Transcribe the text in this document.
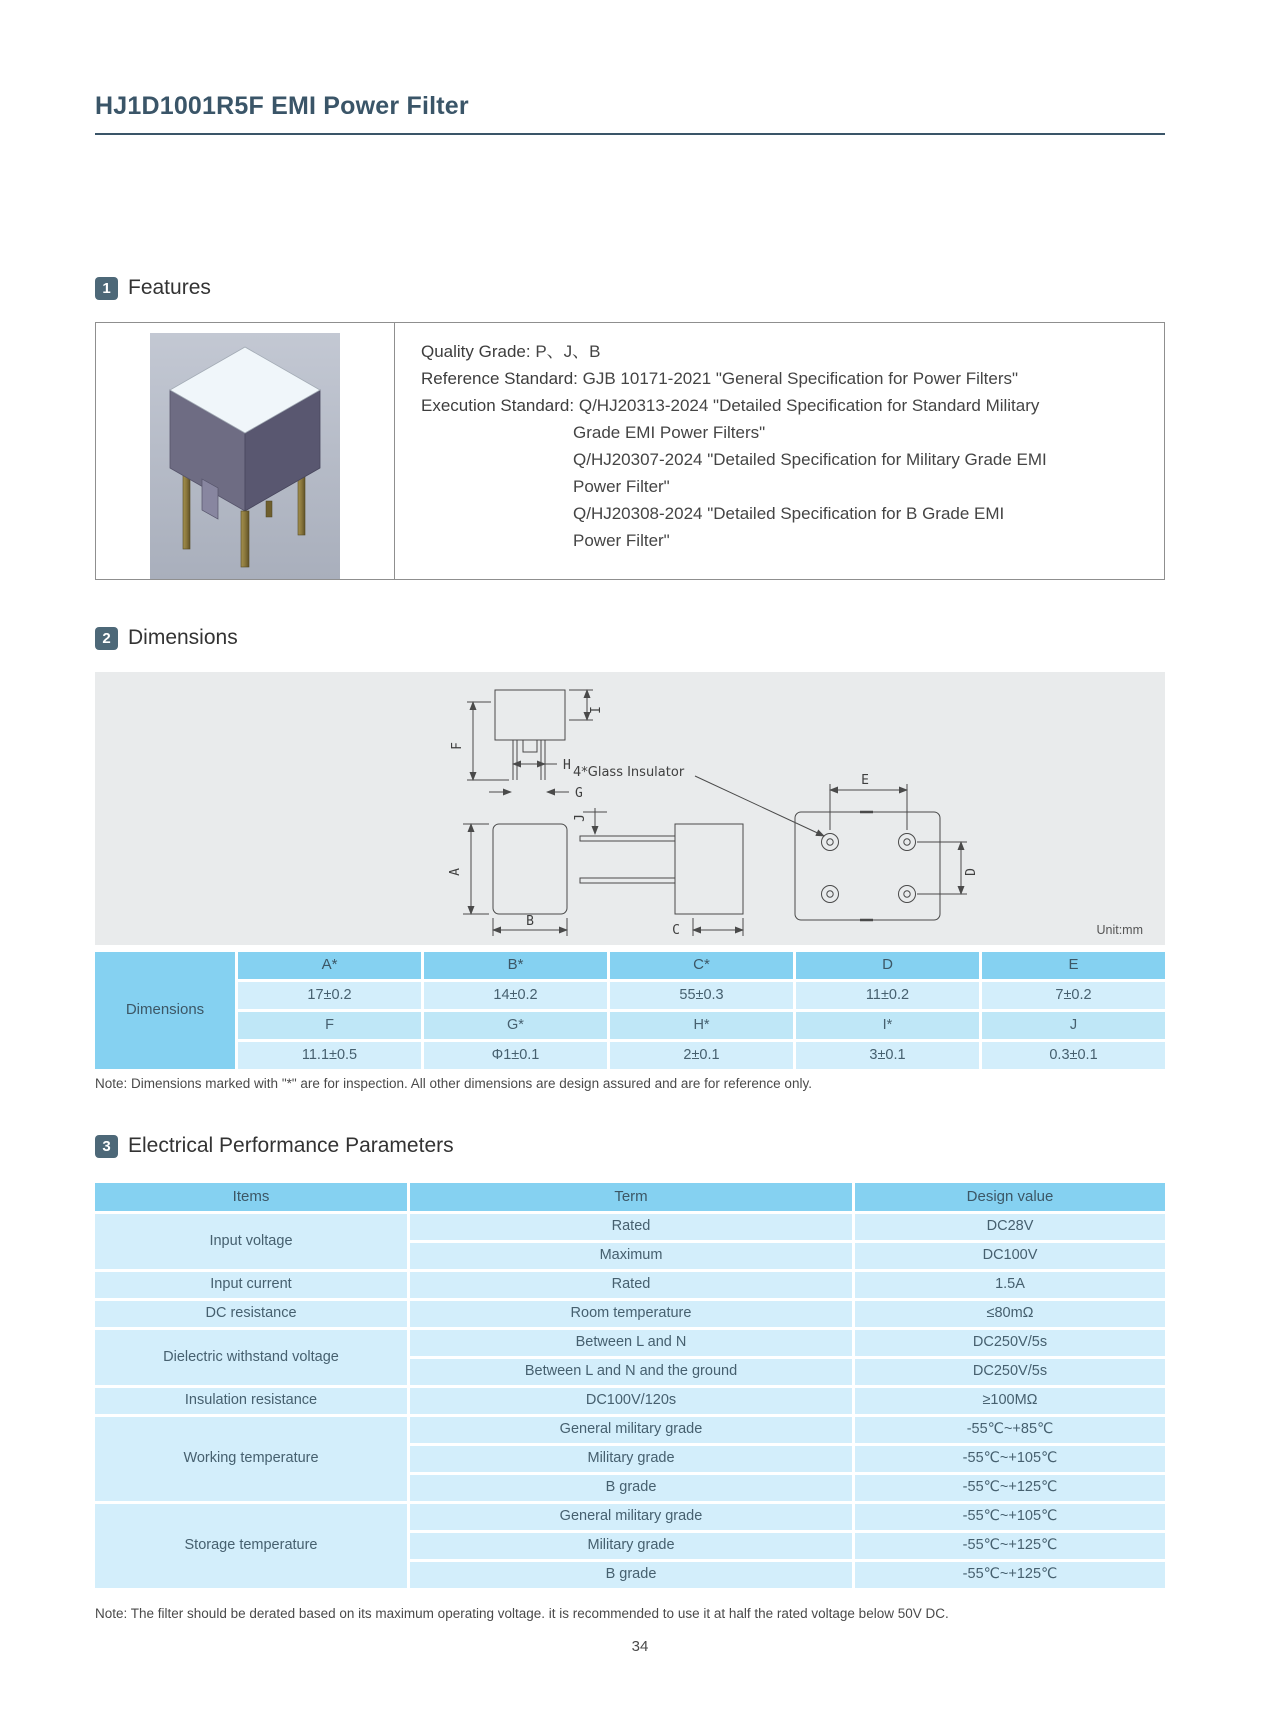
HJ1D1001R5F EMI Power Filter
1 Features
Quality Grade: P、J、B
Reference Standard: GJB 10171-2021 "General Specification for Power Filters"
Execution Standard: Q/HJ20313-2024 "Detailed Specification for Standard Military
Grade EMI Power Filters"
Q/HJ20307-2024 "Detailed Specification for Military Grade EMI
Power Filter"
Q/HJ20308-2024 "Detailed Specification for B Grade EMI
Power Filter"
2 Dimensions
F
I
H
G
A
B
J
C
E
D
4*Glass Insulator
Unit:mm
Dimensions
A*	B*	C*	D	E
17±0.2	14±0.2	55±0.3	11±0.2	7±0.2
F	G*	H*	I*	J
11.1±0.5	Φ1±0.1	2±0.1	3±0.1	0.3±0.1
Note: Dimensions marked with "*" are for inspection. All other dimensions are design assured and are for reference only.
3 Electrical Performance Parameters
Items	Term	Design value
Input voltage
Rated	DC28V
Maximum	DC100V
Input current	Rated	1.5A
DC resistance	Room temperature	≤80mΩ
Dielectric withstand voltage
Between L and N	DC250V/5s
Between L and N and the ground	DC250V/5s
Insulation resistance	DC100V/120s	≥100MΩ
Working temperature
General military grade	-55℃~+85℃
Military grade	-55℃~+105℃
B grade	-55℃~+125℃
Storage temperature
General military grade	-55℃~+105℃
Military grade	-55℃~+125℃
B grade	-55℃~+125℃
Note: The filter should be derated based on its maximum operating voltage. it is recommended to use it at half the rated voltage below 50V DC.
34
